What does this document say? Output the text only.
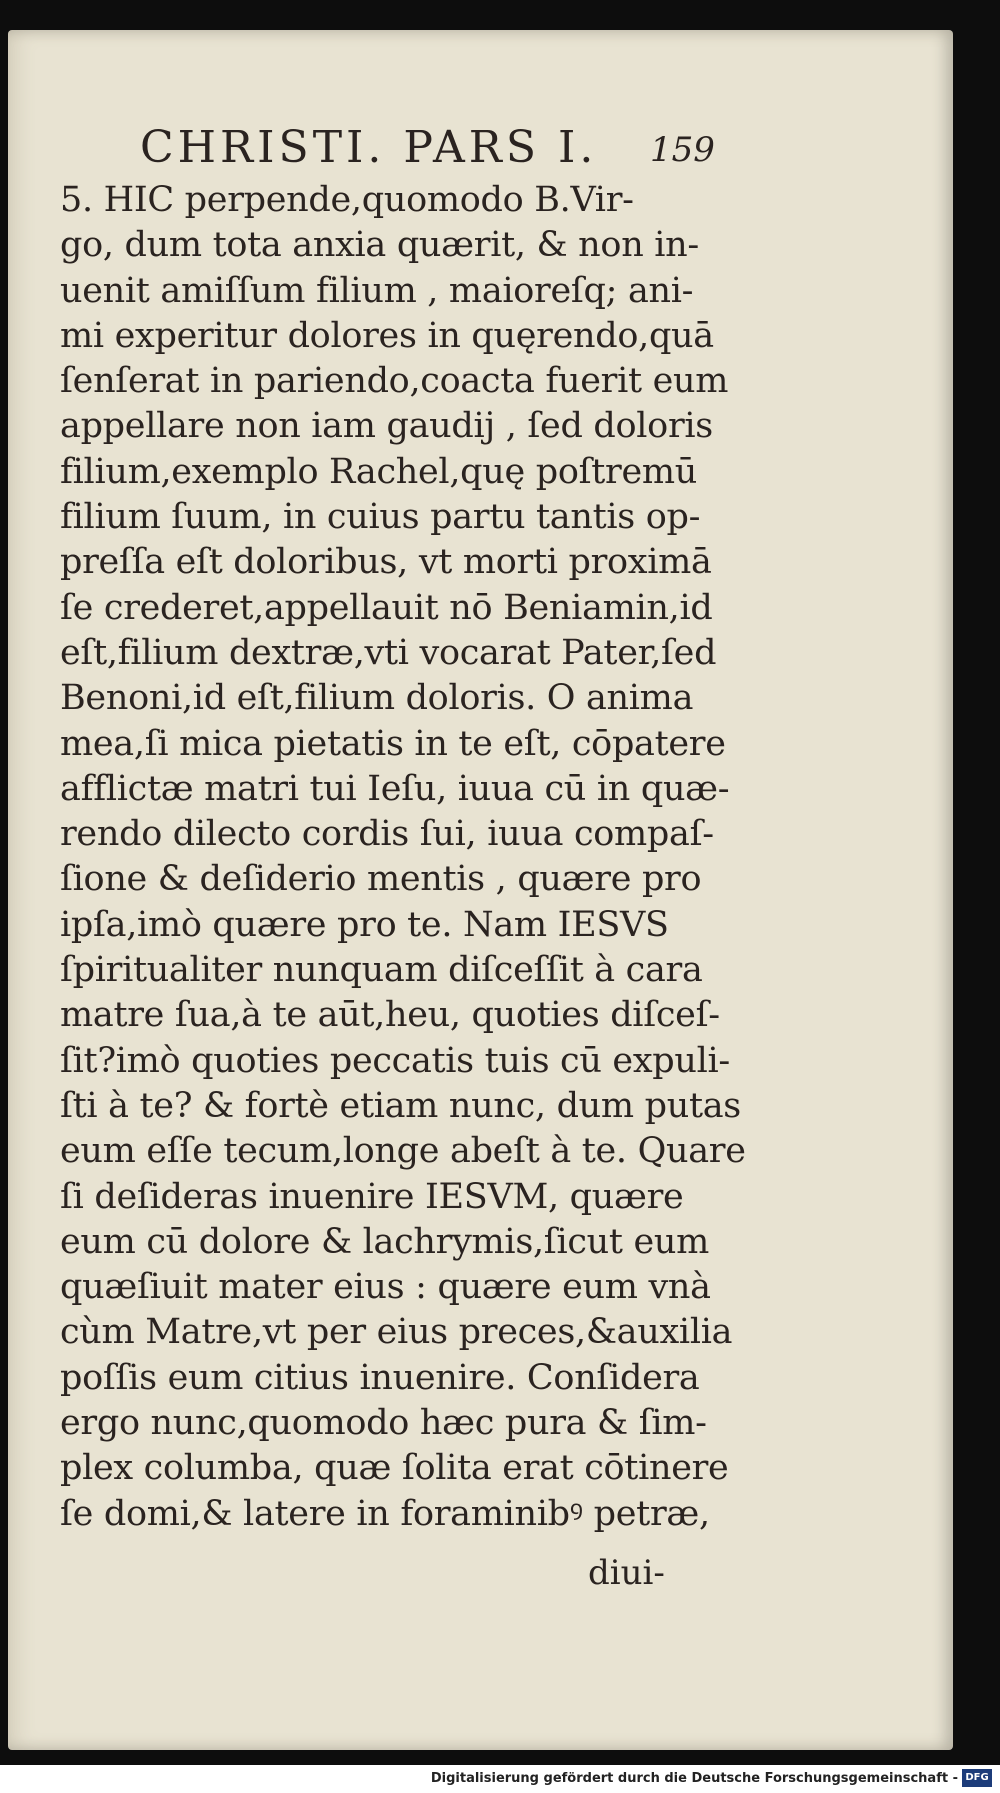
CHRISTI. PARS I.	159
5. HIC perpende,quomodo B.Vir-
go, dum tota anxia quærit, & non in-
uenit amiſſum filium , maioreſq; ani-
mi experitur dolores in quęrendo,quā
ſenſerat in pariendo,coacta fuerit eum
appellare non iam gaudij , ſed doloris
filium,exemplo Rachel,quę poſtremū
filium ſuum, in cuius partu tantis op-
preſſa eſt doloribus, vt morti proximā
ſe crederet,appellauit nō Beniamin,id
eſt,filium dextræ,vti vocarat Pater,ſed
Benoni,id eſt,filium doloris. O anima
mea,ſi mica pietatis in te eſt, cōpatere
afflictæ matri tui Ieſu, iuua cū in quæ-
rendo dilecto cordis ſui, iuua compaſ-
ſione & deſiderio mentis , quære pro
ipſa,imò quære pro te. Nam IESVS
ſpiritualiter nunquam diſceſſit à cara
matre ſua,à te aūt,heu, quoties diſceſ-
ſit?imò quoties peccatis tuis cū expuli-
ſti à te? & fortè etiam nunc, dum putas
eum eſſe tecum,longe abeſt à te. Quare
ſi deſideras inuenire IESVM, quære
eum cū dolore & lachrymis,ſicut eum
quæſiuit mater eius : quære eum vnà
cùm Matre,vt per eius preces,&auxilia
poſſis eum citius inuenire. Conſidera
ergo nunc,quomodo hæc pura & ſim-
plex columba, quæ ſolita erat cōtinere
ſe domi,& latere in foraminibꝰ petræ,
diui-
Digitalisierung gefördert durch die Deutsche Forschungsgemeinschaft - DFG
